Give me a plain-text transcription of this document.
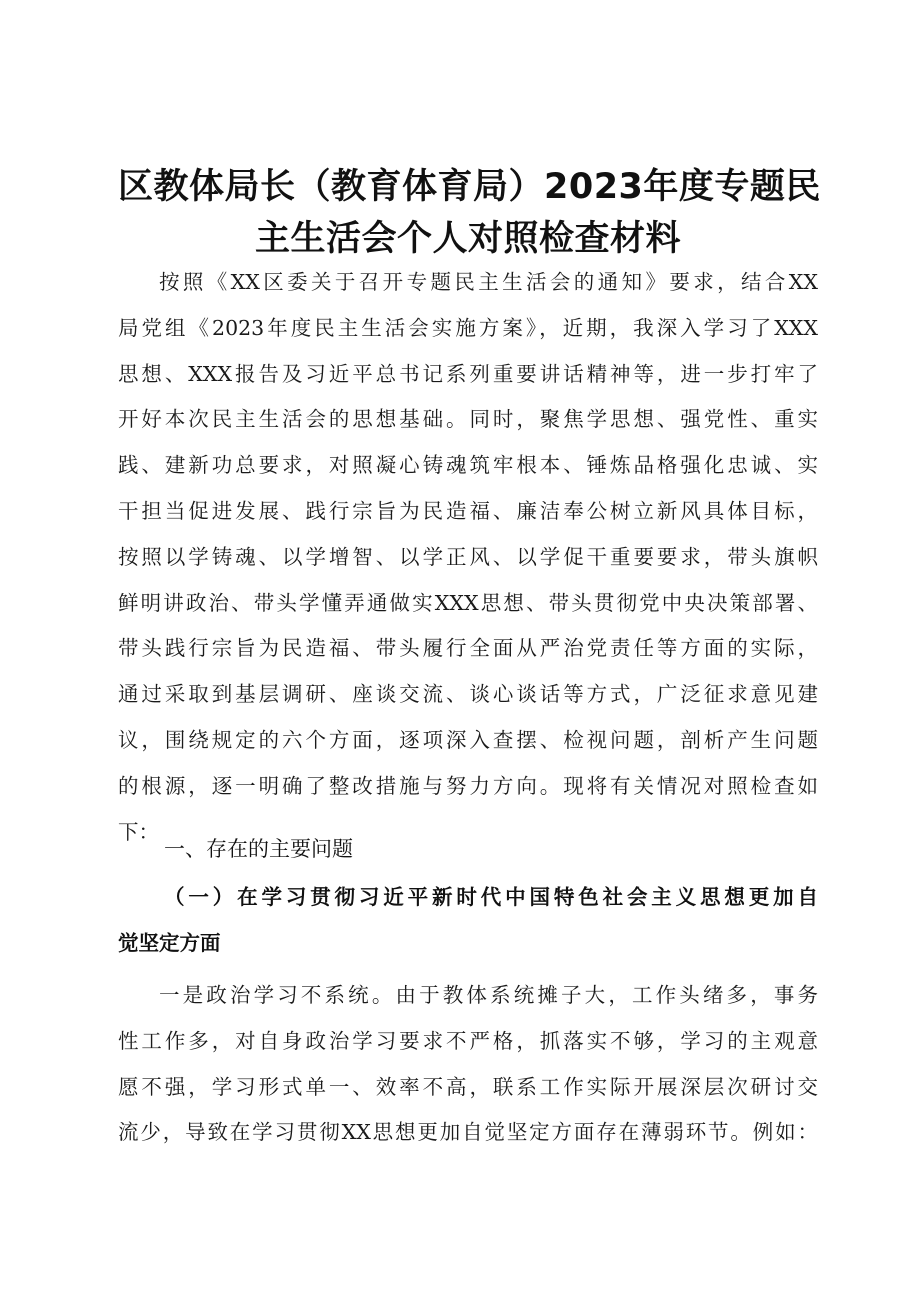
区教体局长（教育体育局）2023年度专题民
主生活会个人对照检查材料
按照《XX区委关于召开专题民主生活会的通知》要求，结合XX
局党组《2023年度民主生活会实施方案》，近期，我深入学习了XXX
思想、XXX报告及习近平总书记系列重要讲话精神等，进一步打牢了
开好本次民主生活会的思想基础。同时，聚焦学思想、强党性、重实
践、建新功总要求，对照凝心铸魂筑牢根本、锤炼品格强化忠诚、实
干担当促进发展、践行宗旨为民造福、廉洁奉公树立新风具体目标，
按照以学铸魂、以学增智、以学正风、以学促干重要要求，带头旗帜
鲜明讲政治、带头学懂弄通做实XXX思想、带头贯彻党中央决策部署、
带头践行宗旨为民造福、带头履行全面从严治党责任等方面的实际，
通过采取到基层调研、座谈交流、谈心谈话等方式，广泛征求意见建
议，围绕规定的六个方面，逐项深入查摆、检视问题，剖析产生问题
的根源，逐一明确了整改措施与努力方向。现将有关情况对照检查如
下：
一、存在的主要问题
（一）在学习贯彻习近平新时代中国特色社会主义思想更加自
觉坚定方面
一是政治学习不系统。由于教体系统摊子大，工作头绪多，事务
性工作多，对自身政治学习要求不严格，抓落实不够，学习的主观意
愿不强，学习形式单一、效率不高，联系工作实际开展深层次研讨交
流少，导致在学习贯彻XX思想更加自觉坚定方面存在薄弱环节。例如：
